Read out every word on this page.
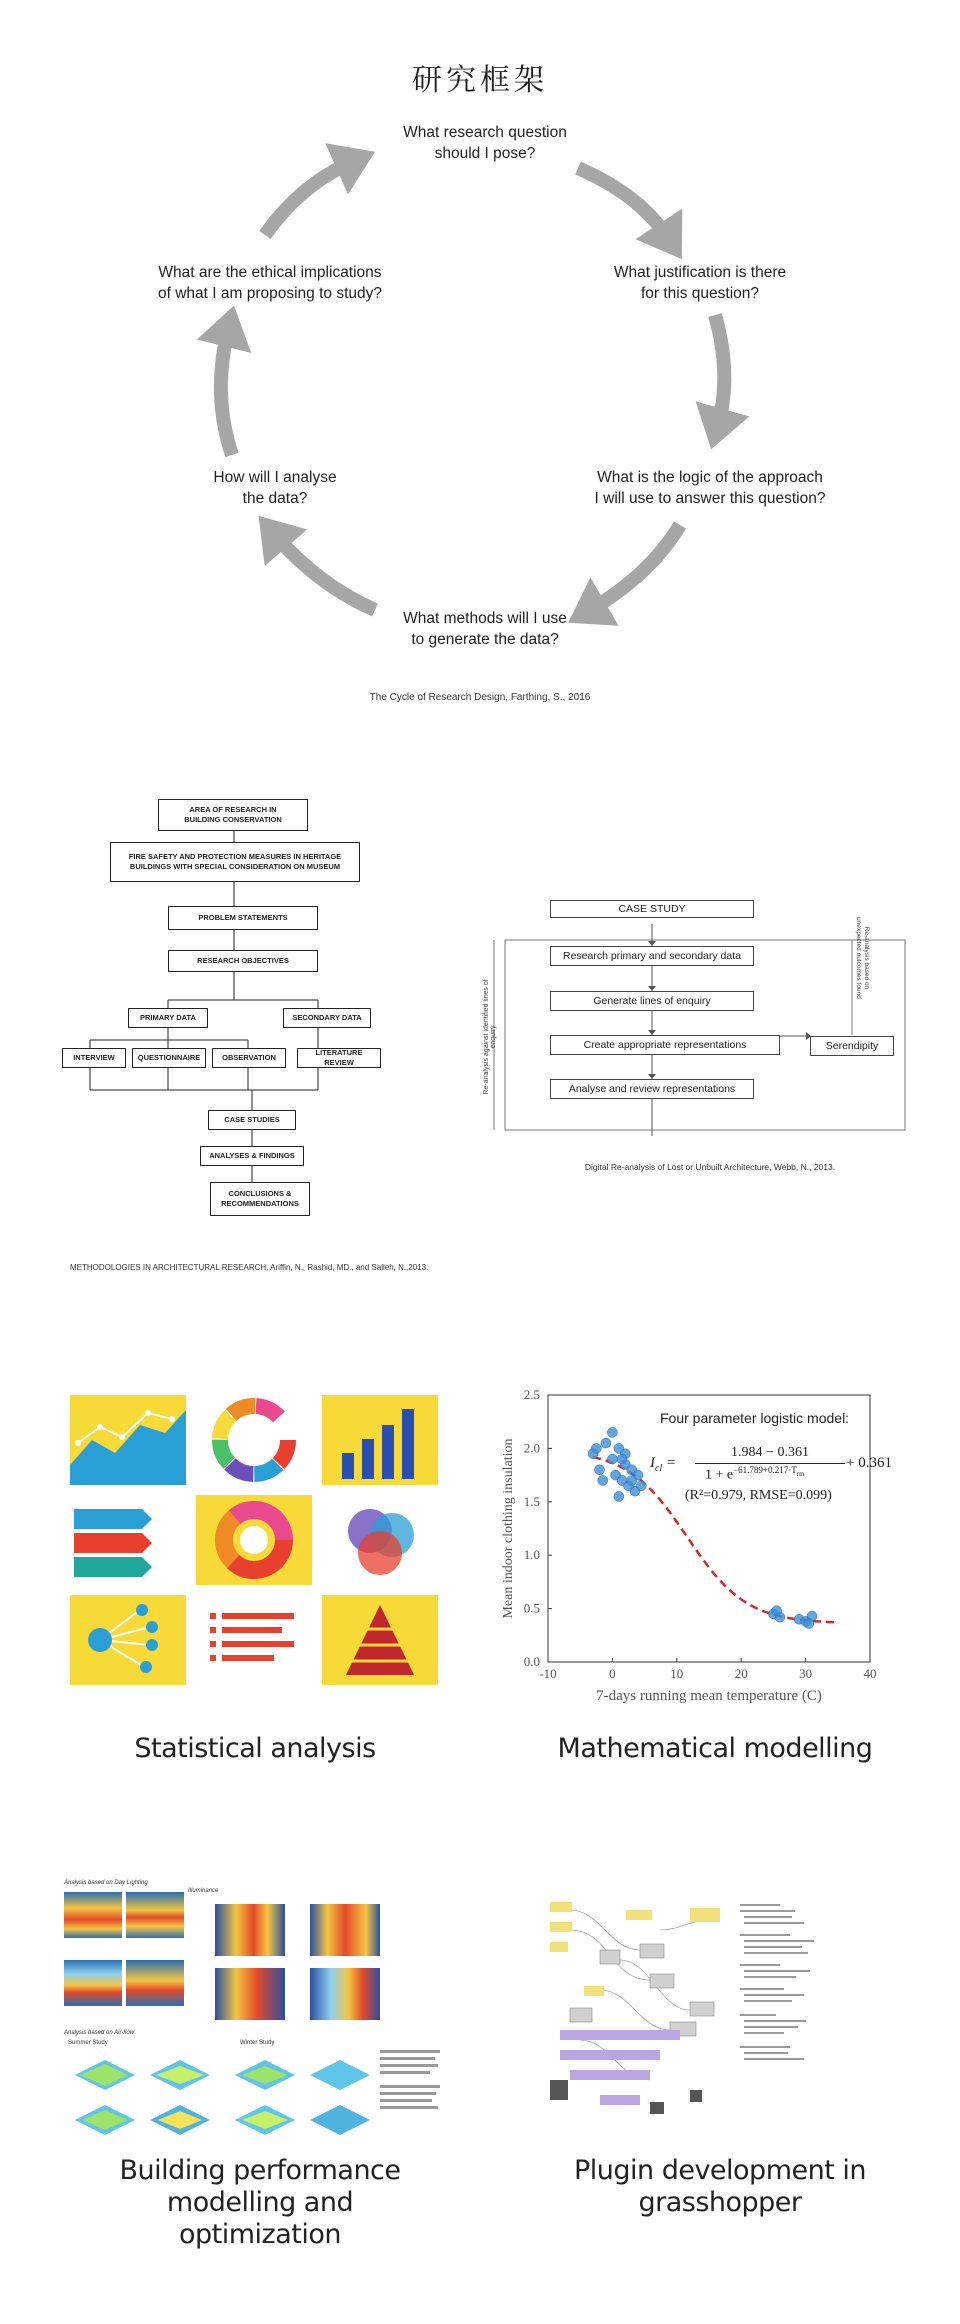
研究框架
What research question
should I pose?
What justification is there
for this question?
What is the logic of the approach
I will use to answer this question?
What methods will I use
to generate the data?
How will I analyse
the data?
What are the ethical implications
of what I am proposing to study?
The Cycle of Research Design, Farthing, S., 2016
AREA OF RESEARCH IN
BUILDING CONSERVATION
FIRE SAFETY AND PROTECTION MEASURES IN HERITAGE
BUILDINGS WITH SPECIAL CONSIDERATION ON MUSEUM
PROBLEM STATEMENTS
RESEARCH OBJECTIVES
PRIMARY DATA	SECONDARY DATA
INTERVIEW	QUESTIONNAIRE	OBSERVATION
LITERATURE REVIEW
CASE STUDIES
ANALYSES & FINDINGS
CONCLUSIONS &
RECOMMENDATIONS
METHODOLOGIES IN ARCHITECTURAL RESEARCH, Ariffin, N., Rashid, MD., and Salleh, N.,2013.
CASE STUDY
Research primary and secondary data
Generate lines of enquiry
Create appropriate representations	Serendipity
Analyse and review representations
Re-analysis against identified lines of enquiry
Re-analysis based on
unexpected outcomes found
Digital Re-analysis of Lost or Unbuilt Architecture, Webb, N., 2013.
Statistical analysis
-10	0	10	20	30	40
0.0
0.5
1.0
1.5
2.0
2.5
7-days running mean temperature (C)
Mean indoor clothing insulation
Four parameter logistic model:
$I_{cl}$ =
1.984 − 0.361
$1 + e^{-61.789+0.217\cdot T_{rm}}$
+ 0.361
(R²=0.979, RMSE=0.099)
Mathematical modelling
Analysis based on Day Lighting
Illuminance
Analysis based on Air-flow
Summer Study	Winter Study
Building performance
modelling and
optimization
Plugin development in
grasshopper
